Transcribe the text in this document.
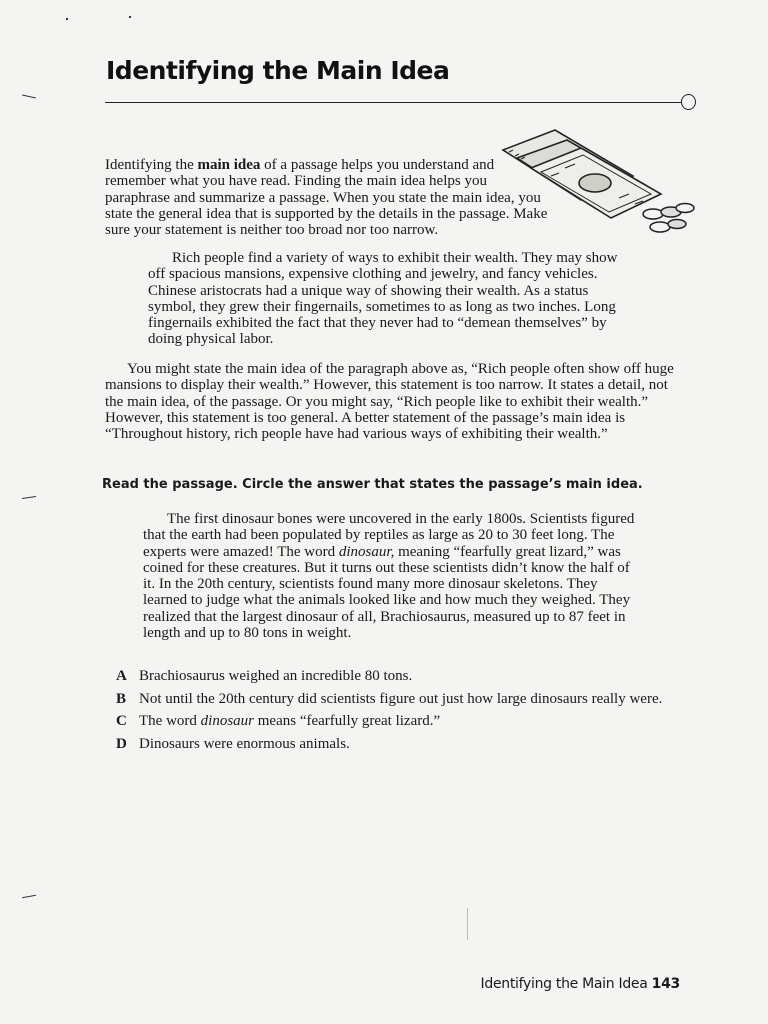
Identifying the Main Idea

Identifying the main idea of a passage helps you understand and remember what you have read. Finding the main idea helps you paraphrase and summarize a passage. When you state the main idea, you state the general idea that is supported by the details in the passage. Make sure your statement is neither too broad nor too narrow.

Rich people find a variety of ways to exhibit their wealth. They may show off spacious mansions, expensive clothing and jewelry, and fancy vehicles. Chinese aristocrats had a unique way of showing their wealth. As a status symbol, they grew their fingernails, sometimes to as long as two inches. Long fingernails exhibited the fact that they never had to “demean themselves” by doing physical labor.

You might state the main idea of the paragraph above as, “Rich people often show off huge mansions to display their wealth.” However, this statement is too narrow. It states a detail, not the main idea, of the passage. Or you might say, “Rich people like to exhibit their wealth.” However, this statement is too general. A better statement of the passage’s main idea is “Throughout history, rich people have had various ways of exhibiting their wealth.”

Read the passage. Circle the answer that states the passage’s main idea.

The first dinosaur bones were uncovered in the early 1800s. Scientists figured that the earth had been populated by reptiles as large as 20 to 30 feet long. The experts were amazed! The word dinosaur, meaning “fearfully great lizard,” was coined for these creatures. But it turns out these scientists didn’t know the half of it. In the 20th century, scientists found many more dinosaur skeletons. They learned to judge what the animals looked like and how much they weighed. They realized that the largest dinosaur of all, Brachiosaurus, measured up to 87 feet in length and up to 80 tons in weight.

A Brachiosaurus weighed an incredible 80 tons.
B Not until the 20th century did scientists figure out just how large dinosaurs really were.
C The word dinosaur means “fearfully great lizard.”
D Dinosaurs were enormous animals.
Identifying the Main Idea 143
